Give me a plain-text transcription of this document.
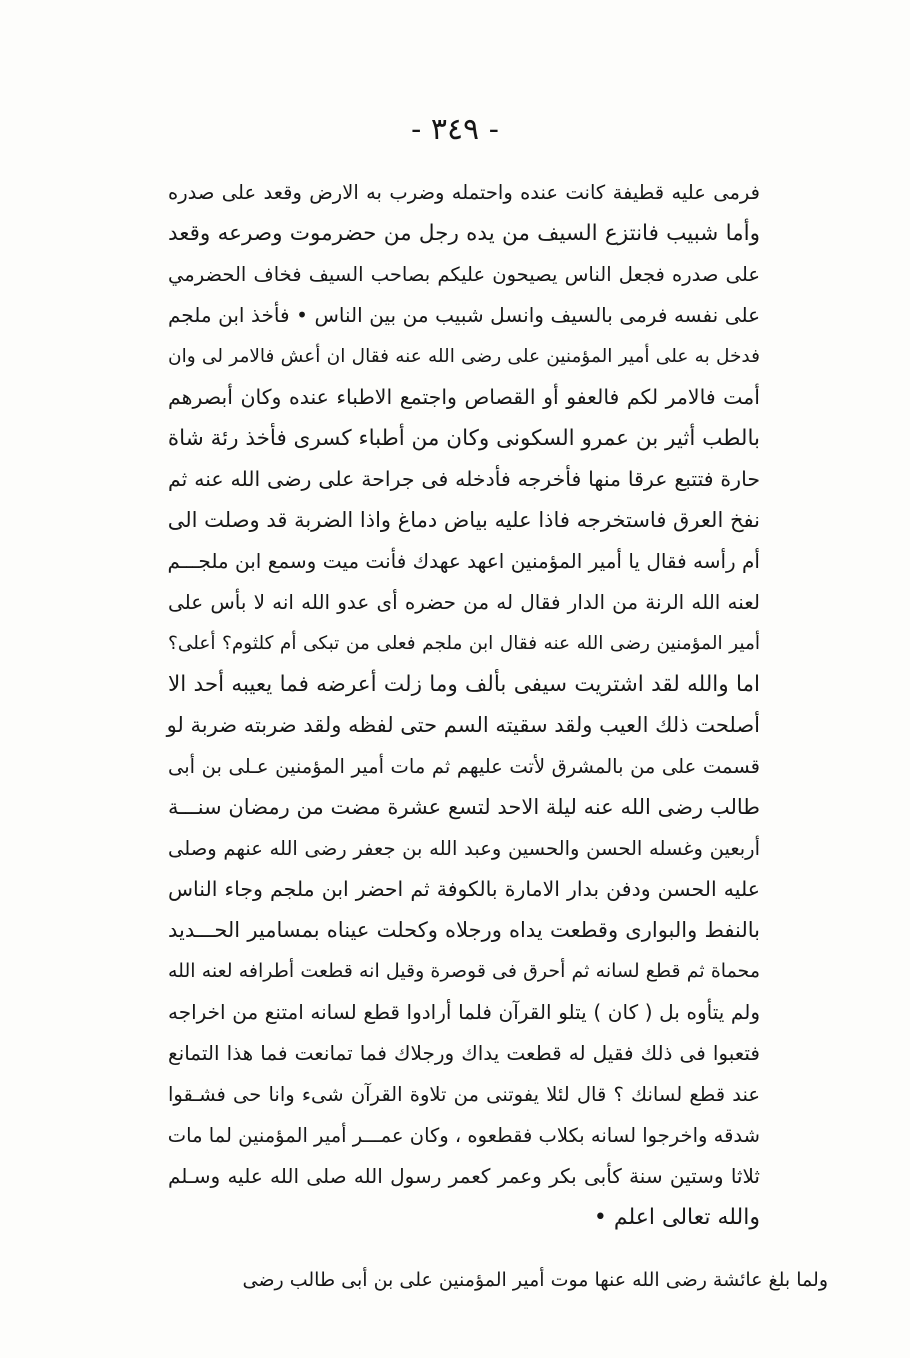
- ٣٤٩ -
فرمى عليه قطيفة كانت عنده واحتمله وضرب به الارض وقعد على صدره
وأما شبيب فانتزع السيف من يده رجل من حضرموت وصرعه وقعد
على صدره فجعل الناس يصيحون عليكم بصاحب السيف فخاف الحضرمي
على نفسه فرمى بالسيف وانسل شبيب من بين الناس • فأخذ ابن ملجم
فدخل به على أمير المؤمنين على رضى الله عنه فقال ان أعش فالامر لى وان
أمت فالامر لكم فالعفو أو القصاص واجتمع الاطباء عنده وكان أبصرهم
بالطب أثير بن عمرو السكونى وكان من أطباء كسرى فأخذ رئة شاة
حارة فتتبع عرقا منها فأخرجه فأدخله فى جراحة على رضى الله عنه ثم
نفخ العرق فاستخرجه فاذا عليه بياض دماغ واذا الضربة قد وصلت الى
أم رأسه فقال يا أمير المؤمنين اعهد عهدك فأنت ميت وسمع ابن ملجـــم
لعنه الله الرنة من الدار فقال له من حضره أى عدو الله انه لا بأس على
أمير المؤمنين رضى الله عنه فقال ابن ملجم فعلى من تبكى أم كلثوم؟ أعلى؟
اما والله لقد اشتريت سيفى بألف وما زلت أعرضه فما يعيبه أحد الا
أصلحت ذلك العيب ولقد سقيته السم حتى لفظه ولقد ضربته ضربة لو
قسمت على من بالمشرق لأتت عليهم ثم مات أمير المؤمنين عـلى بن أبى
طالب رضى الله عنه ليلة الاحد لتسع عشرة مضت من رمضان سنـــة
أربعين وغسله الحسن والحسين وعبد الله بن جعفر رضى الله عنهم وصلى
عليه الحسن ودفن بدار الامارة بالكوفة ثم احضر ابن ملجم وجاء الناس
بالنفط والبوارى وقطعت يداه ورجلاه وكحلت عيناه بمسامير الحـــديد
محماة ثم قطع لسانه ثم أحرق فى قوصرة وقيل انه قطعت أطرافه لعنه الله
ولم يتأوه بل ( كان ) يتلو القرآن فلما أرادوا قطع لسانه امتنع من اخراجه
فتعبوا فى ذلك فقيل له قطعت يداك ورجلاك فما تمانعت فما هذا التمانع
عند قطع لسانك ؟ قال لئلا يفوتنى من تلاوة القرآن شىء وانا حى فشـقوا
شدقه واخرجوا لسانه بكلاب فقطعوه ، وكان عمـــر أمير المؤمنين لما مات
ثلاثا وستين سنة كأبى بكر وعمر كعمر رسول الله صلى الله عليه وسـلم
والله تعالى اعلم •
ولما بلغ عائشة رضى الله عنها موت أمير المؤمنين على بن أبى طالب رضى
